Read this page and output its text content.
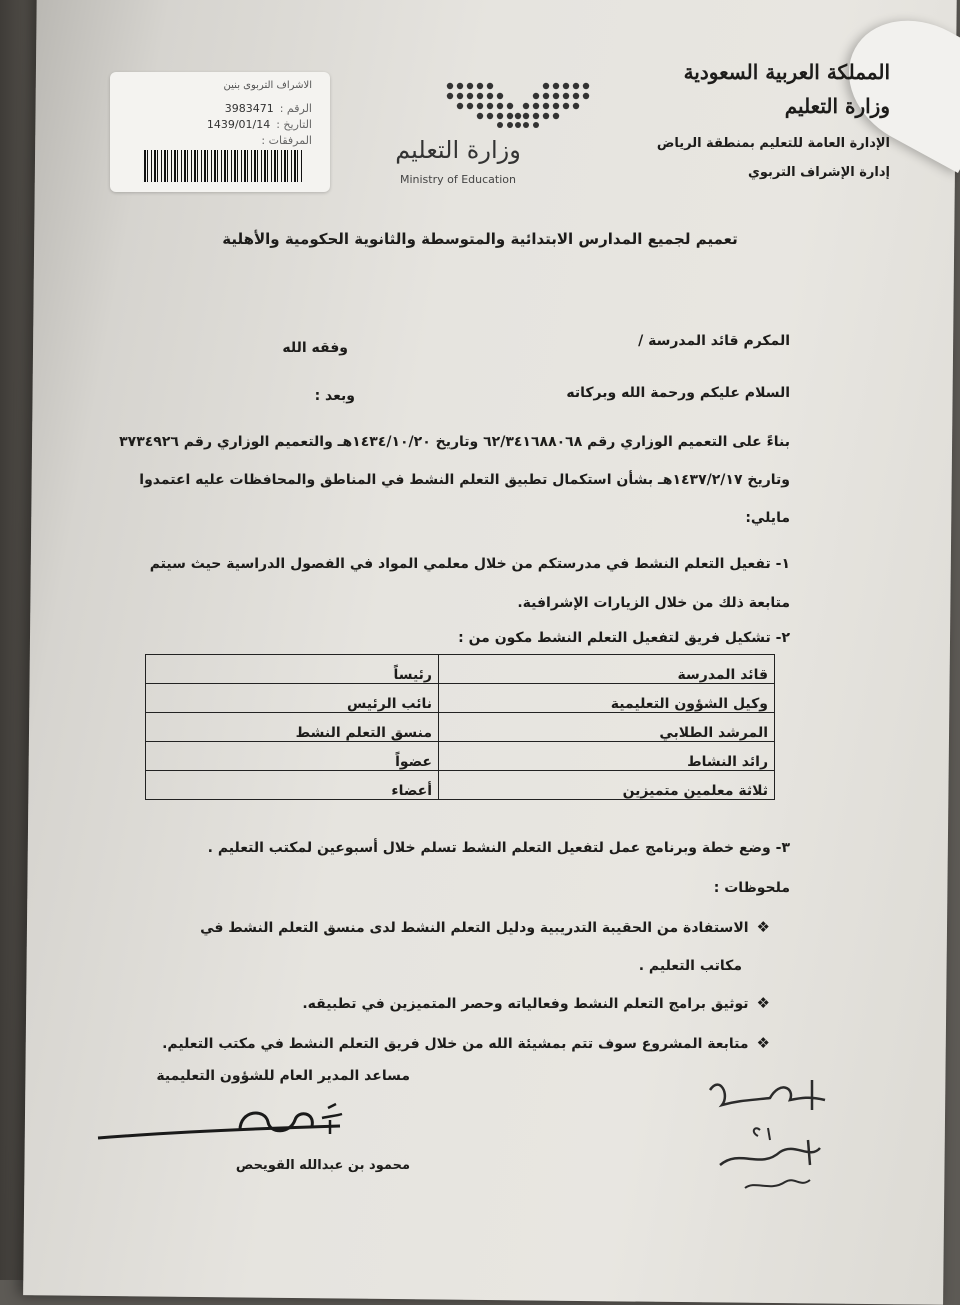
المملكة العربية السعودية
وزارة التعليم
الإدارة العامة للتعليم بمنطقة الرياض
إدارة الإشراف التربوي
وزارة التعليم
Ministry of Education
الاشراف التربوى بنين
الرقم :3983471
التاريخ :1439/01/14
المرفقات :
تعميم لجميع المدارس الابتدائية والمتوسطة والثانوية الحكومية والأهلية
المكرم قائد المدرسة /
وفقه الله
السلام عليكم ورحمة الله وبركاته
وبعد :
بناءً على التعميم الوزاري رقم ٦٢/٣٤١٦٨٨٠٦٨ وتاريخ ١٤٣٤/١٠/٢٠هـ والتعميم الوزاري رقم ٣٧٣٤٩٢٦
وتاريخ ١٤٣٧/٢/١٧هـ بشأن استكمال تطبيق التعلم النشط في المناطق والمحافظات عليه اعتمدوا
مايلي:
١- تفعيل التعلم النشط في مدرستكم من خلال معلمي المواد في الفصول الدراسية حيث سيتم
متابعة ذلك من خلال الزيارات الإشرافية.
٢- تشكيل فريق لتفعيل التعلم النشط مكون من :
قائد المدرسة	رئيساً
وكيل الشؤون التعليمية	نائب الرئيس
المرشد الطلابي	منسق التعلم النشط
رائد النشاط	عضواً
ثلاثة معلمين متميزين	أعضاء
٣- وضع خطة وبرنامج عمل لتفعيل التعلم النشط تسلم خلال أسبوعين لمكتب التعليم .
ملحوظات :
❖الاستفادة من الحقيبة التدريبية ودليل التعلم النشط لدى منسق التعلم النشط في
مكاتب التعليم .
❖توثيق برامج التعلم النشط وفعالياته وحصر المتميزين في تطبيقه.
❖متابعة المشروع سوف تتم بمشيئة الله من خلال فريق التعلم النشط في مكتب التعليم.
مساعد المدير العام للشؤون التعليمية
محمود بن عبدالله القويحص
